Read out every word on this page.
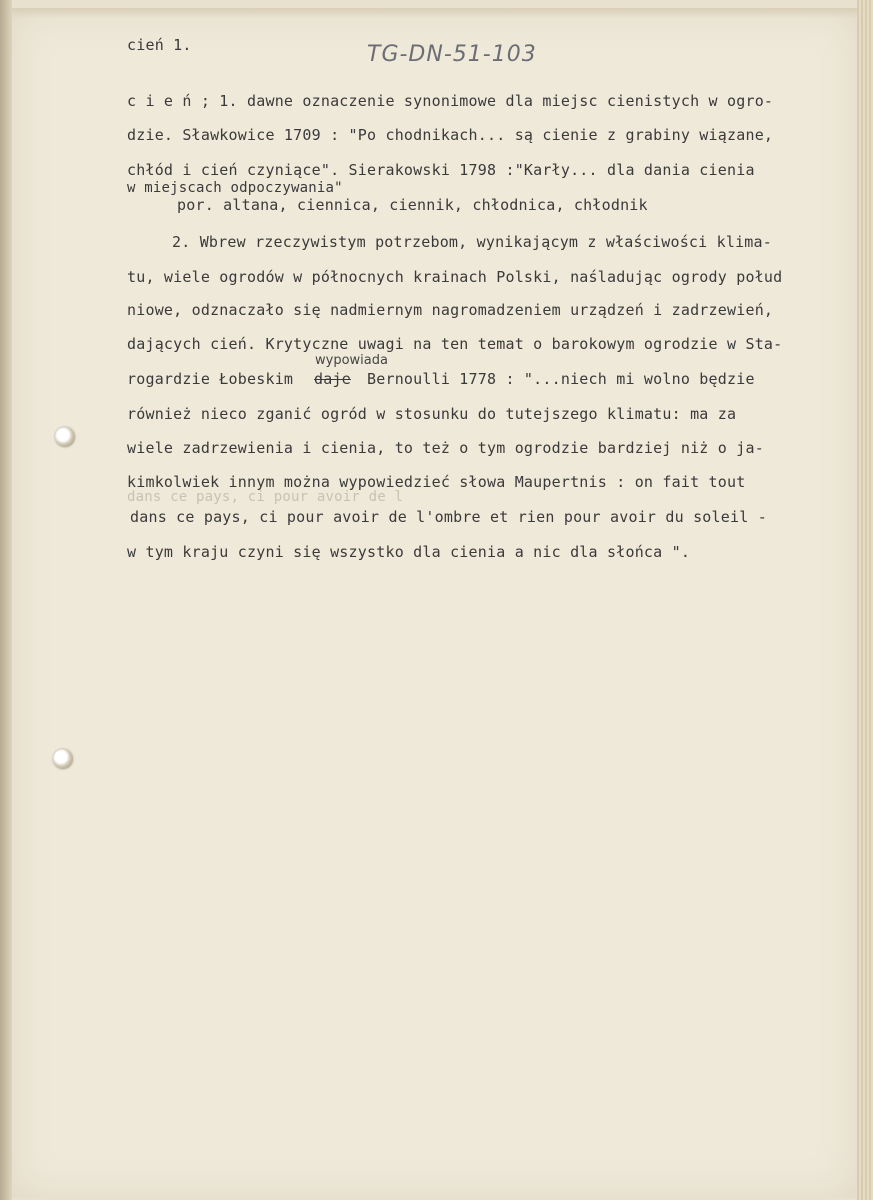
cień 1.	TG-DN-51-103
c i e ń ; 1. dawne oznaczenie synonimowe dla miejsc cienistych w ogro-
dzie. Sławkowice 1709 : "Po chodnikach... są cienie z grabiny wiązane,
chłód i cień czyniące". Sierakowski 1798 :"Karły... dla dania cienia
w miejscach odpoczywania"
por. altana, ciennica, ciennik, chłodnica, chłodnik
2. Wbrew rzeczywistym potrzebom, wynikającym z właściwości klima-
tu, wiele ogrodów w północnych krainach Polski, naśladując ogrody połud
niowe, odznaczało się nadmiernym nagromadzeniem urządzeń i zadrzewień,
dających cień. Krytyczne uwagi na ten temat o barokowym ogrodzie w Sta-
wypowiada
rogardzie Łobeskim daje Bernoulli 1778 : "...niech mi wolno będzie
również nieco zganić ogród w stosunku do tutejszego klimatu: ma za
wiele zadrzewienia i cienia, to też o tym ogrodzie bardziej niż o ja-
kimkolwiek innym można wypowiedzieć słowa Maupertnis : on fait tout
dans ce pays, ci pour avoir de l
dans ce pays, ci pour avoir de l'ombre et rien pour avoir du soleil -
w tym kraju czyni się wszystko dla cienia a nic dla słońca ".
